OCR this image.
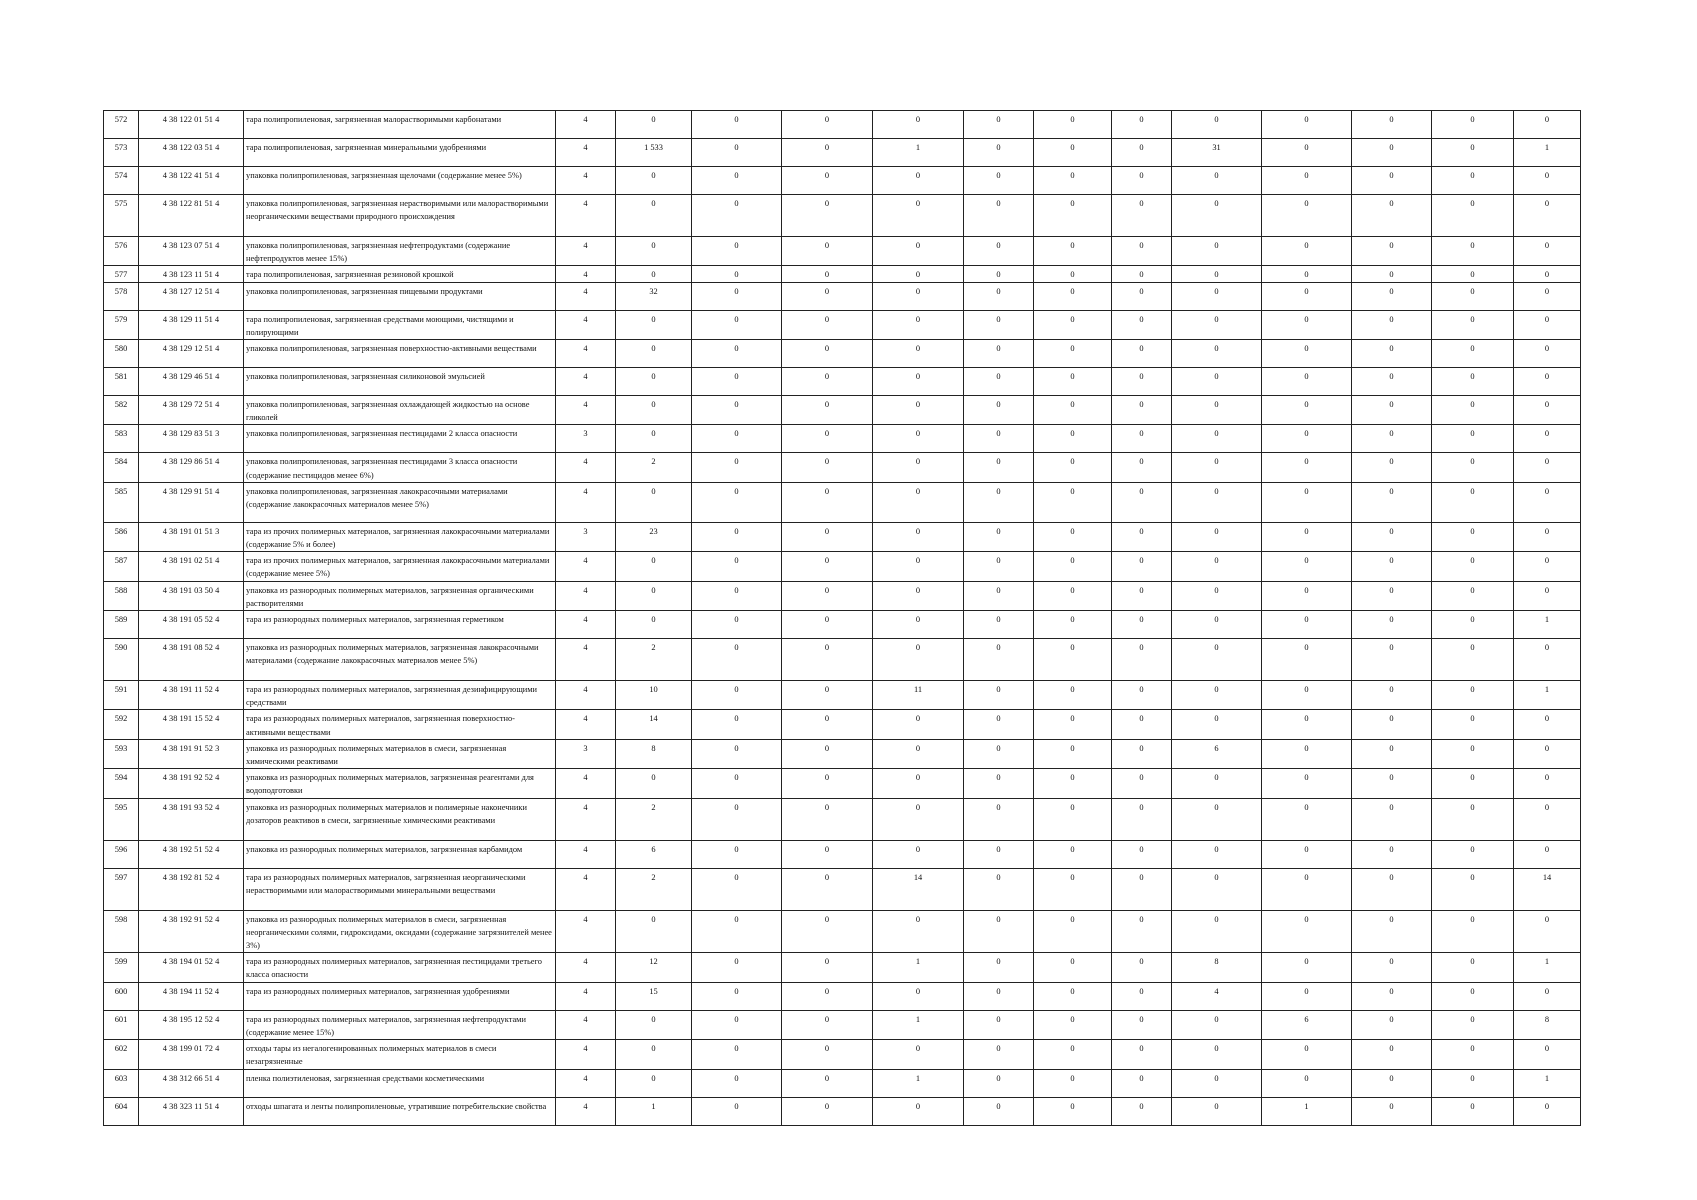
572	4 38 122 01 51 4	тара полипропиленовая, загрязненная малорастворимыми карбонатами	4	0	0	0	0	0	0	0	0	0	0	0	0
573	4 38 122 03 51 4	тара полипропиленовая, загрязненная минеральными удобрениями	4	1 533	0	0	1	0	0	0	31	0	0	0	1
574	4 38 122 41 51 4	упаковка полипропиленовая, загрязненная щелочами (содержание менее 5%)	4	0	0	0	0	0	0	0	0	0	0	0	0
575	4 38 122 81 51 4	упаковка полипропиленовая, загрязненная нерастворимыми или малорастворимыми неорганическими веществами природного происхождения	4	0	0	0	0	0	0	0	0	0	0	0	0
576	4 38 123 07 51 4	упаковка полипропиленовая, загрязненная нефтепродуктами (содержание нефтепродуктов менее 15%)	4	0	0	0	0	0	0	0	0	0	0	0	0
577	4 38 123 11 51 4	тара полипропиленовая, загрязненная резиновой крошкой	4	0	0	0	0	0	0	0	0	0	0	0	0
578	4 38 127 12 51 4	упаковка полипропиленовая, загрязненная пищевыми продуктами	4	32	0	0	0	0	0	0	0	0	0	0	0
579	4 38 129 11 51 4	тара полипропиленовая, загрязненная средствами моющими, чистящими и полирующими	4	0	0	0	0	0	0	0	0	0	0	0	0
580	4 38 129 12 51 4	упаковка полипропиленовая, загрязненная поверхностно-активными веществами	4	0	0	0	0	0	0	0	0	0	0	0	0
581	4 38 129 46 51 4	упаковка полипропиленовая, загрязненная силиконовой эмульсией	4	0	0	0	0	0	0	0	0	0	0	0	0
582	4 38 129 72 51 4	упаковка полипропиленовая, загрязненная охлаждающей жидкостью на основе гликолей	4	0	0	0	0	0	0	0	0	0	0	0	0
583	4 38 129 83 51 3	упаковка полипропиленовая, загрязненная пестицидами 2 класса опасности	3	0	0	0	0	0	0	0	0	0	0	0	0
584	4 38 129 86 51 4	упаковка полипропиленовая, загрязненная пестицидами 3 класса опасности (содержание пестицидов менее 6%)	4	2	0	0	0	0	0	0	0	0	0	0	0
585	4 38 129 91 51 4	упаковка полипропиленовая, загрязненная лакокрасочными материалами (содержание лакокрасочных материалов менее 5%)	4	0	0	0	0	0	0	0	0	0	0	0	0
586	4 38 191 01 51 3	тара из прочих полимерных материалов, загрязненная лакокрасочными материалами (содержание 5% и более)	3	23	0	0	0	0	0	0	0	0	0	0	0
587	4 38 191 02 51 4	тара из прочих полимерных материалов, загрязненная лакокрасочными материалами (содержание менее 5%)	4	0	0	0	0	0	0	0	0	0	0	0	0
588	4 38 191 03 50 4	упаковка из разнородных полимерных материалов, загрязненная органическими растворителями	4	0	0	0	0	0	0	0	0	0	0	0	0
589	4 38 191 05 52 4	тара из разнородных полимерных материалов, загрязненная герметиком	4	0	0	0	0	0	0	0	0	0	0	0	1
590	4 38 191 08 52 4	упаковка из разнородных полимерных материалов, загрязненная лакокрасочными материалами (содержание лакокрасочных материалов менее 5%)	4	2	0	0	0	0	0	0	0	0	0	0	0
591	4 38 191 11 52 4	тара из разнородных полимерных материалов, загрязненная дезинфицирующими средствами	4	10	0	0	11	0	0	0	0	0	0	0	1
592	4 38 191 15 52 4	тара из разнородных полимерных материалов, загрязненная поверхностно-активными веществами	4	14	0	0	0	0	0	0	0	0	0	0	0
593	4 38 191 91 52 3	упаковка из разнородных полимерных материалов в смеси, загрязненная химическими реактивами	3	8	0	0	0	0	0	0	6	0	0	0	0
594	4 38 191 92 52 4	упаковка из разнородных полимерных материалов, загрязненная реагентами для водоподготовки	4	0	0	0	0	0	0	0	0	0	0	0	0
595	4 38 191 93 52 4	упаковка из разнородных полимерных материалов и полимерные наконечники дозаторов реактивов в смеси, загрязненные химическими реактивами	4	2	0	0	0	0	0	0	0	0	0	0	0
596	4 38 192 51 52 4	упаковка из разнородных полимерных материалов, загрязненная карбамидом	4	6	0	0	0	0	0	0	0	0	0	0	0
597	4 38 192 81 52 4	тара из разнородных полимерных материалов, загрязненная неорганическими нерастворимыми или малорастворимыми минеральными веществами	4	2	0	0	14	0	0	0	0	0	0	0	14
598	4 38 192 91 52 4	упаковка из разнородных полимерных материалов в смеси, загрязненная неорганическими солями, гидроксидами, оксидами (содержание загрязнителей менее 3%)	4	0	0	0	0	0	0	0	0	0	0	0	0
599	4 38 194 01 52 4	тара из разнородных полимерных материалов, загрязненная пестицидами третьего класса опасности	4	12	0	0	1	0	0	0	8	0	0	0	1
600	4 38 194 11 52 4	тара из разнородных полимерных материалов, загрязненная удобрениями	4	15	0	0	0	0	0	0	4	0	0	0	0
601	4 38 195 12 52 4	тара из разнородных полимерных материалов, загрязненная нефтепродуктами (содержание менее 15%)	4	0	0	0	1	0	0	0	0	6	0	0	8
602	4 38 199 01 72 4	отходы тары из негалогенированных полимерных материалов в смеси незагрязненные	4	0	0	0	0	0	0	0	0	0	0	0	0
603	4 38 312 66 51 4	пленка полиэтиленовая, загрязненная средствами косметическими	4	0	0	0	1	0	0	0	0	0	0	0	1
604	4 38 323 11 51 4	отходы шпагата и ленты полипропиленовые, утратившие потребительские свойства	4	1	0	0	0	0	0	0	0	1	0	0	0
